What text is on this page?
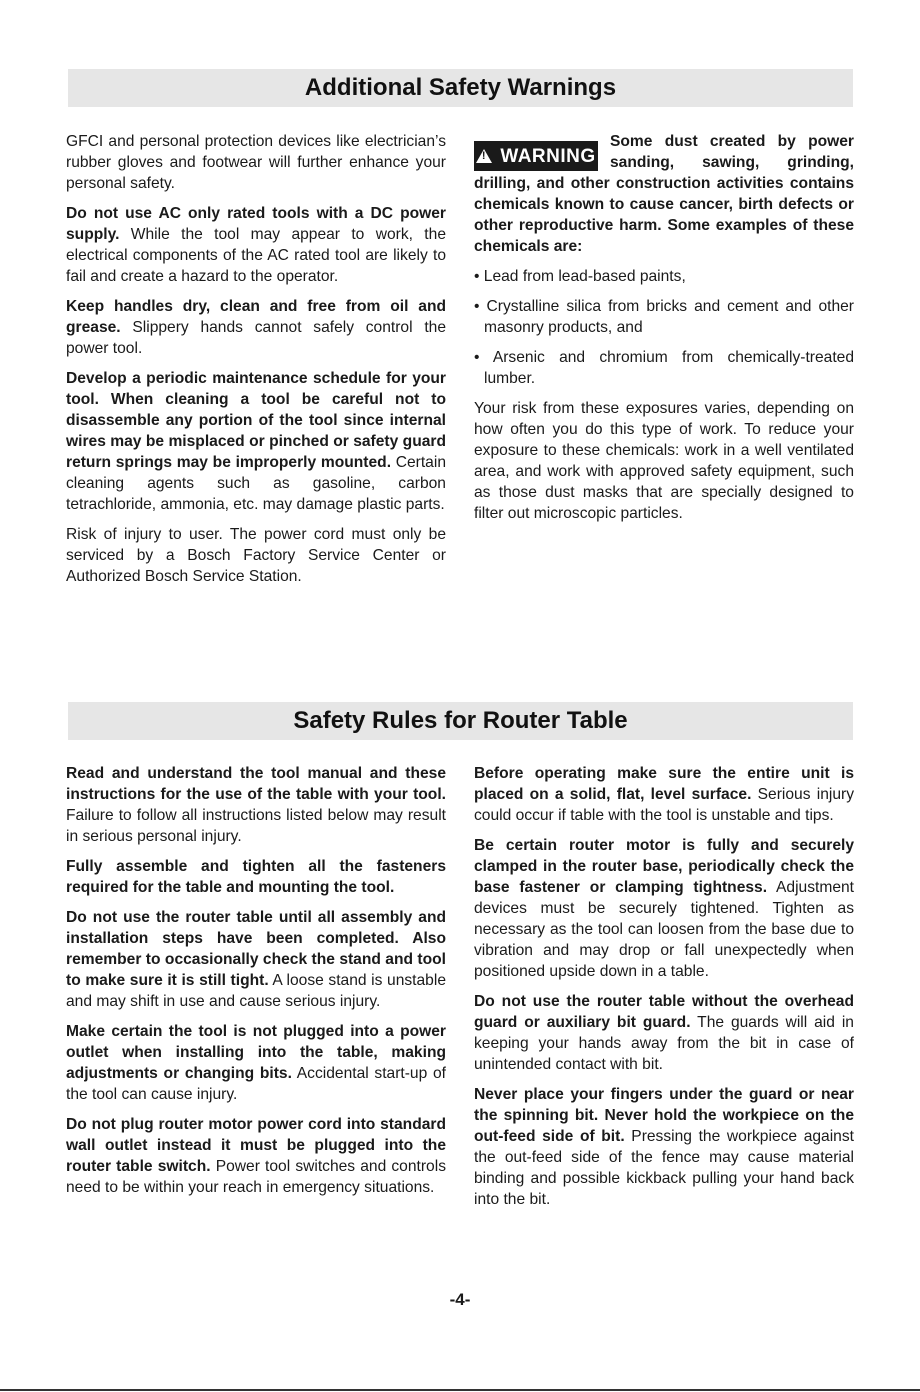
Additional Safety Warnings

GFCI and personal protection devices like electrician’s rubber gloves and footwear will further enhance your personal safety.

Do not use AC only rated tools with a DC power supply. While the tool may appear to work, the electrical components of the AC rated tool are likely to fail and create a hazard to the operator.

Keep handles dry, clean and free from oil and grease. Slippery hands cannot safely control the power tool.

Develop a periodic maintenance schedule for your tool. When cleaning a tool be careful not to disassemble any portion of the tool since internal wires may be misplaced or pinched or safety guard return springs may be improperly mounted. Certain cleaning agents such as gasoline, carbon tetrachloride, ammonia, etc. may damage plastic parts.

Risk of injury to user. The power cord must only be serviced by a Bosch Factory Service Center or Authorized Bosch Service Station.

!
WARNING

Some dust created by power sanding, sawing, grinding, drilling, and other construction activities contains chemicals known to cause cancer, birth defects or other reproductive harm. Some examples of these chemicals are:

• Lead from lead-based paints,

• Crystalline silica from bricks and cement and other masonry products, and

• Arsenic and chromium from chemically-treated lumber.

Your risk from these exposures varies, depending on how often you do this type of work. To reduce your exposure to these chemicals: work in a well ventilated area, and work with approved safety equipment, such as those dust masks that are specially designed to filter out microscopic particles.

Safety Rules for Router Table

Read and understand the tool manual and these instructions for the use of the table with your tool. Failure to follow all instructions listed below may result in serious personal injury.

Fully assemble and tighten all the fasteners required for the table and mounting the tool.

Do not use the router table until all assembly and installation steps have been completed. Also remember to occasionally check the stand and tool to make sure it is still tight. A loose stand is unstable and may shift in use and cause serious injury.

Make certain the tool is not plugged into a power outlet when installing into the table, making adjustments or changing bits. Accidental start-up of the tool can cause injury.

Do not plug router motor power cord into standard wall outlet instead it must be plugged into the router table switch. Power tool switches and controls need to be within your reach in emergency situations.

Before operating make sure the entire unit is placed on a solid, flat, level surface. Serious injury could occur if table with the tool is unstable and tips.

Be certain router motor is fully and securely clamped in the router base, periodically check the base fastener or clamping tightness. Adjustment devices must be securely tightened. Tighten as necessary as the tool can loosen from the base due to vibration and may drop or fall unexpectedly when positioned upside down in a table.

Do not use the router table without the overhead guard or auxiliary bit guard. The guards will aid in keeping your hands away from the bit in case of unintended contact with bit.

Never place your fingers under the guard or near the spinning bit. Never hold the workpiece on the out-feed side of bit. Pressing the workpiece against the out-feed side of the fence may cause material binding and possible kickback pulling your hand back into the bit.

-4-
